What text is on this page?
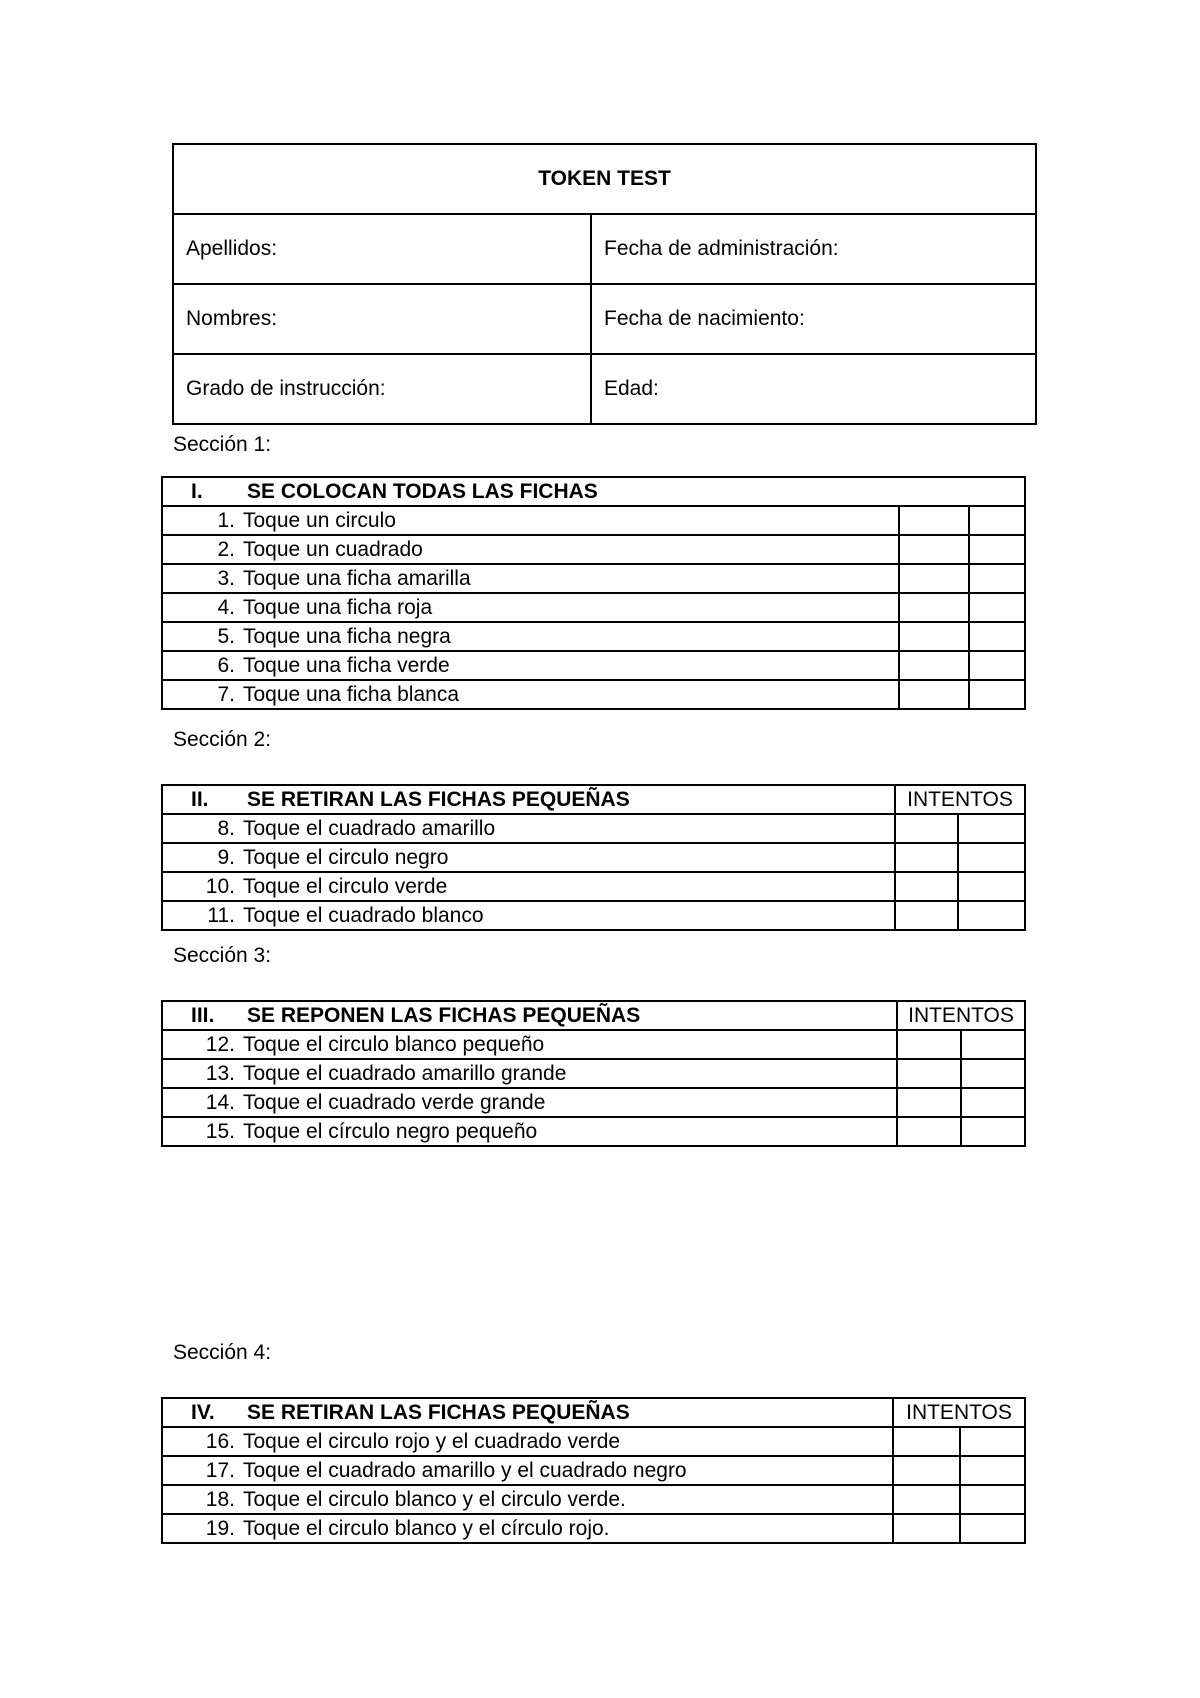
TOKEN TEST	
Apellidos:	Fecha de administración:
Nombres:	Fecha de nacimiento:
Grado de instrucción:	Edad:
Sección 1:
I. SE COLOCAN TODAS LAS FICHAS		
1. Toque un circulo		
2. Toque un cuadrado		
3. Toque una ficha amarilla		
4. Toque una ficha roja		
5. Toque una ficha negra		
6. Toque una ficha verde		
7. Toque una ficha blanca		
Sección 2:
II. SE RETIRAN LAS FICHAS PEQUEÑAS	INTENTOS	
8. Toque el cuadrado amarillo		
9. Toque el circulo negro		
10. Toque el circulo verde		
11. Toque el cuadrado blanco		
Sección 3:
III. SE REPONEN LAS FICHAS PEQUEÑAS	INTENTOS	
12. Toque el circulo blanco pequeño		
13. Toque el cuadrado amarillo grande		
14. Toque el cuadrado verde grande		
15. Toque el círculo negro pequeño		
Sección 4:
IV. SE RETIRAN LAS FICHAS PEQUEÑAS	INTENTOS	
16. Toque el circulo rojo y el cuadrado verde		
17. Toque el cuadrado amarillo y el cuadrado negro		
18. Toque el circulo blanco y el circulo verde.		
19. Toque el circulo blanco y el círculo rojo.		
